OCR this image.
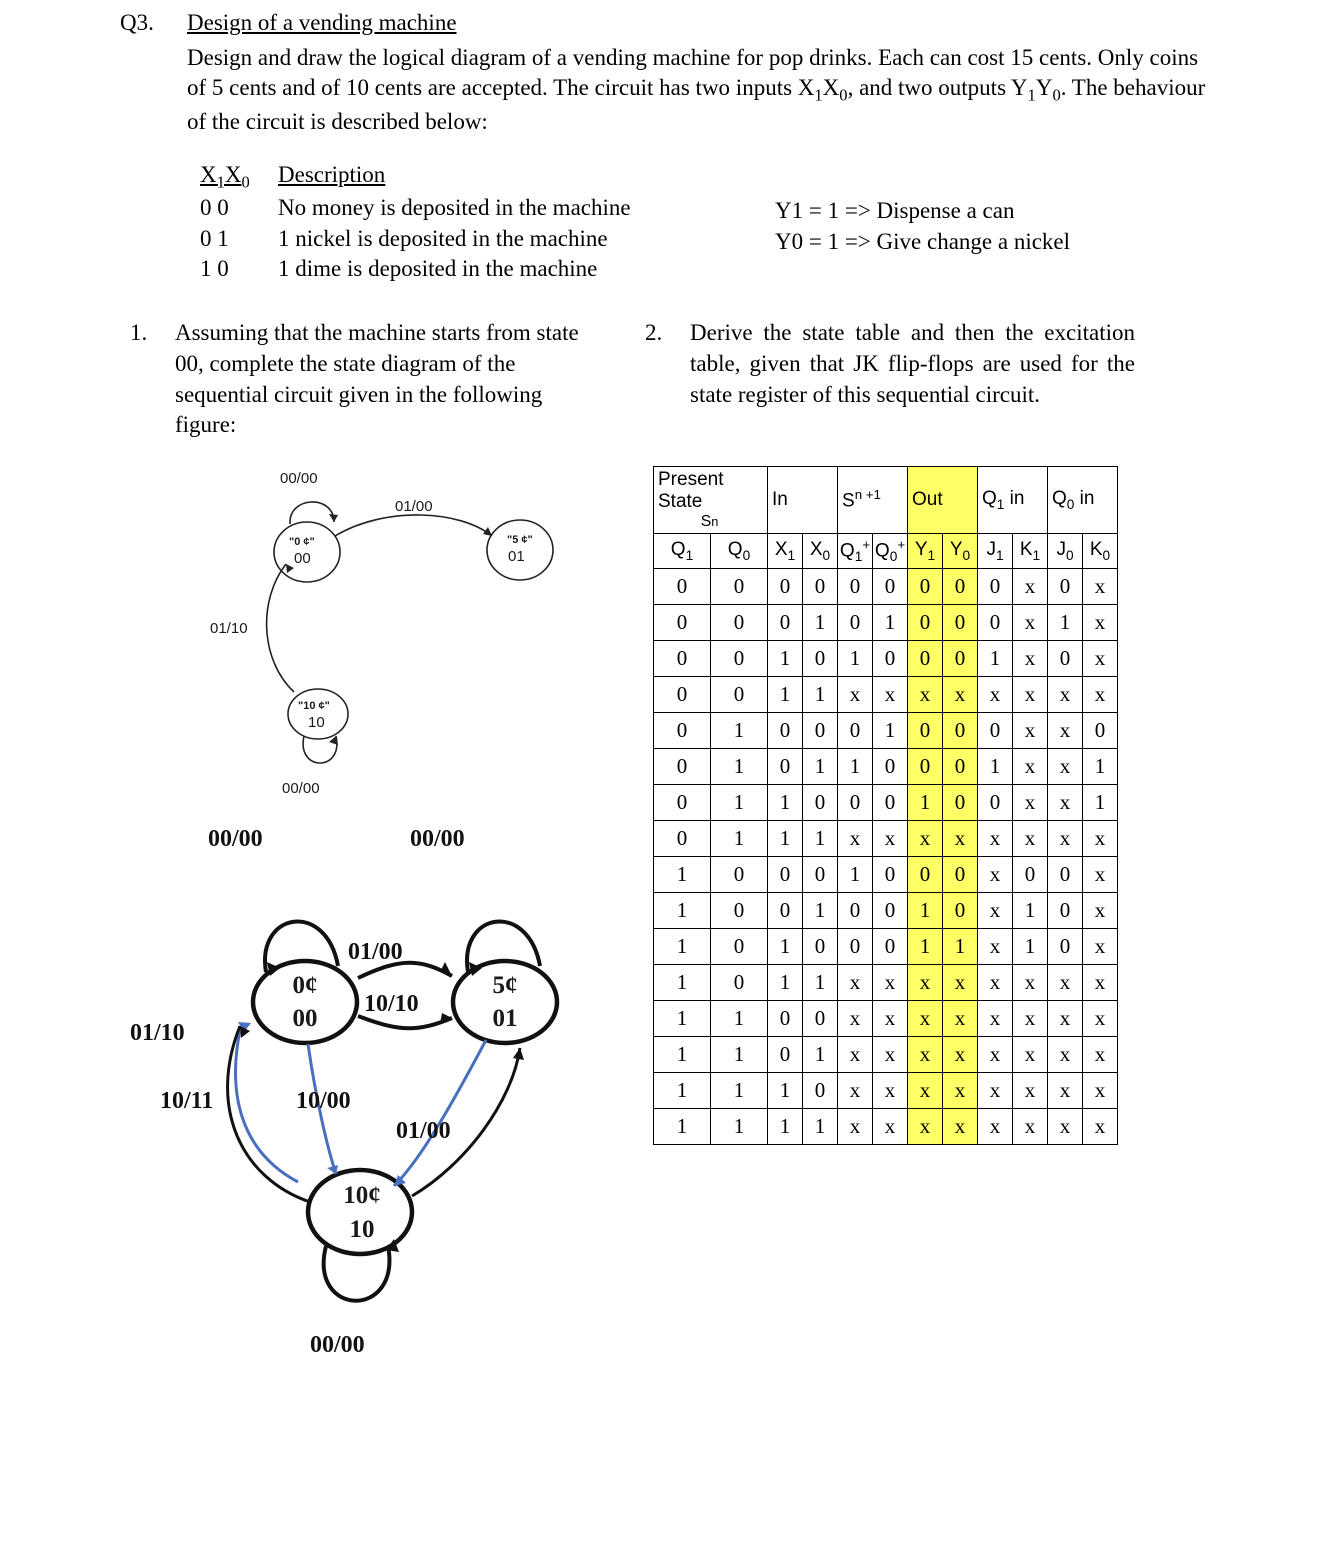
Q3. Design of a vending machine
Design and draw the logical diagram of a vending machine for pop drinks. Each can cost 15 cents. Only coins of 5 cents and of 10 cents are accepted. The circuit has two inputs $X_1X_0$, and two outputs $Y_1Y_0$. The behaviour of the circuit is described below:
$X_1X_0$	Description
0 0	No money is deposited in the machine
0 1	1 nickel is deposited in the machine
1 0	1 dime is deposited in the machine
Y1 = 1 => Dispense a can
Y0 = 1 => Give change a nickel
1. Assuming that the machine starts from state 00, complete the state diagram of the sequential circuit given in the following figure:
2. Derive the state table and then the excitation table, given that JK flip-flops are used for the state register of this sequential circuit.
00/00
01/00
01/10
00/00
"0 ¢"
00
"5 ¢"
01
"10 ¢"
10
00/00	00/00
01/00
10/10
10/00
01/00
10/11
01/10
00/00
0¢
00
5¢
01
10¢
10
Present State
Sn		In		$S^{n +1}$		Out		$Q_1$ in		$Q_0$ in	
$Q_1$	$Q_0$	$X_1$	$X_0$	$Q_1^+$	$Q_0^+$	$Y_1$	$Y_0$	$J_1$	$K_1$	$J_0$	$K_0$
0	0	0	0	0	0	0	0	0	x	0	x
0	0	0	1	0	1	0	0	0	x	1	x
0	0	1	0	1	0	0	0	1	x	0	x
0	0	1	1	x	x	x	x	x	x	x	x
0	1	0	0	0	1	0	0	0	x	x	0
0	1	0	1	1	0	0	0	1	x	x	1
0	1	1	0	0	0	1	0	0	x	x	1
0	1	1	1	x	x	x	x	x	x	x	x
1	0	0	0	1	0	0	0	x	0	0	x
1	0	0	1	0	0	1	0	x	1	0	x
1	0	1	0	0	0	1	1	x	1	0	x
1	0	1	1	x	x	x	x	x	x	x	x
1	1	0	0	x	x	x	x	x	x	x	x
1	1	0	1	x	x	x	x	x	x	x	x
1	1	1	0	x	x	x	x	x	x	x	x
1	1	1	1	x	x	x	x	x	x	x	x
